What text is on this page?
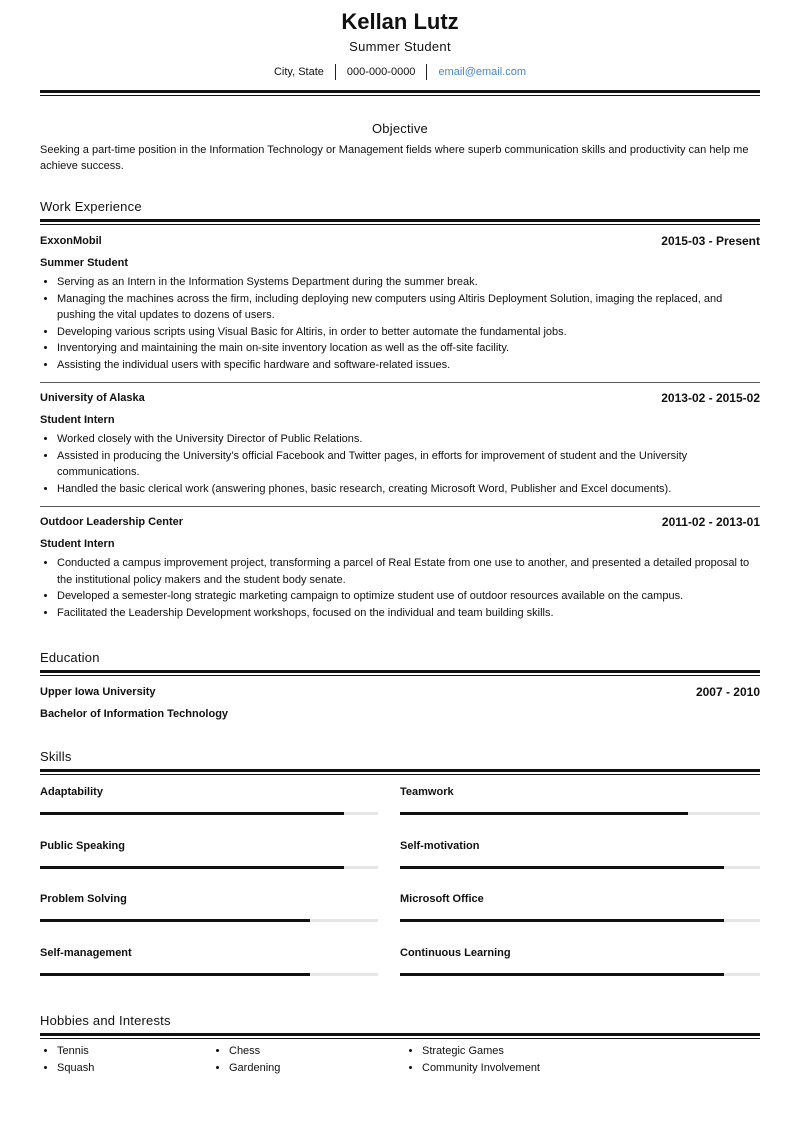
Kellan Lutz
Summer Student
City, State	000-000-0000	email@email.com
Objective
Seeking a part-time position in the Information Technology or Management fields where superb communication skills and productivity can help me achieve success.
Work Experience
ExxonMobil	2015-03 - Present
Summer Student
• Serving as an Intern in the Information Systems Department during the summer break.
• Managing the machines across the firm, including deploying new computers using Altiris Deployment Solution, imaging the replaced, and pushing the vital updates to dozens of users.
• Developing various scripts using Visual Basic for Altiris, in order to better automate the fundamental jobs.
• Inventorying and maintaining the main on-site inventory location as well as the off-site facility.
• Assisting the individual users with specific hardware and software-related issues.
University of Alaska	2013-02 - 2015-02
Student Intern
• Worked closely with the University Director of Public Relations.
• Assisted in producing the University’s official Facebook and Twitter pages, in efforts for improvement of student and the University communications.
• Handled the basic clerical work (answering phones, basic research, creating Microsoft Word, Publisher and Excel documents).
Outdoor Leadership Center	2011-02 - 2013-01
Student Intern
• Conducted a campus improvement project, transforming a parcel of Real Estate from one use to another, and presented a detailed proposal to the institutional policy makers and the student body senate.
• Developed a semester-long strategic marketing campaign to optimize student use of outdoor resources available on the campus.
• Facilitated the Leadership Development workshops, focused on the individual and team building skills.
Education
Upper Iowa University	2007 - 2010
Bachelor of Information Technology
Skills
Adaptability	Teamwork
Public Speaking	Self-motivation
Problem Solving	Microsoft Office
Self-management	Continuous Learning
Hobbies and Interests
• Tennis
• Squash
• Chess
• Gardening
• Strategic Games
• Community Involvement
